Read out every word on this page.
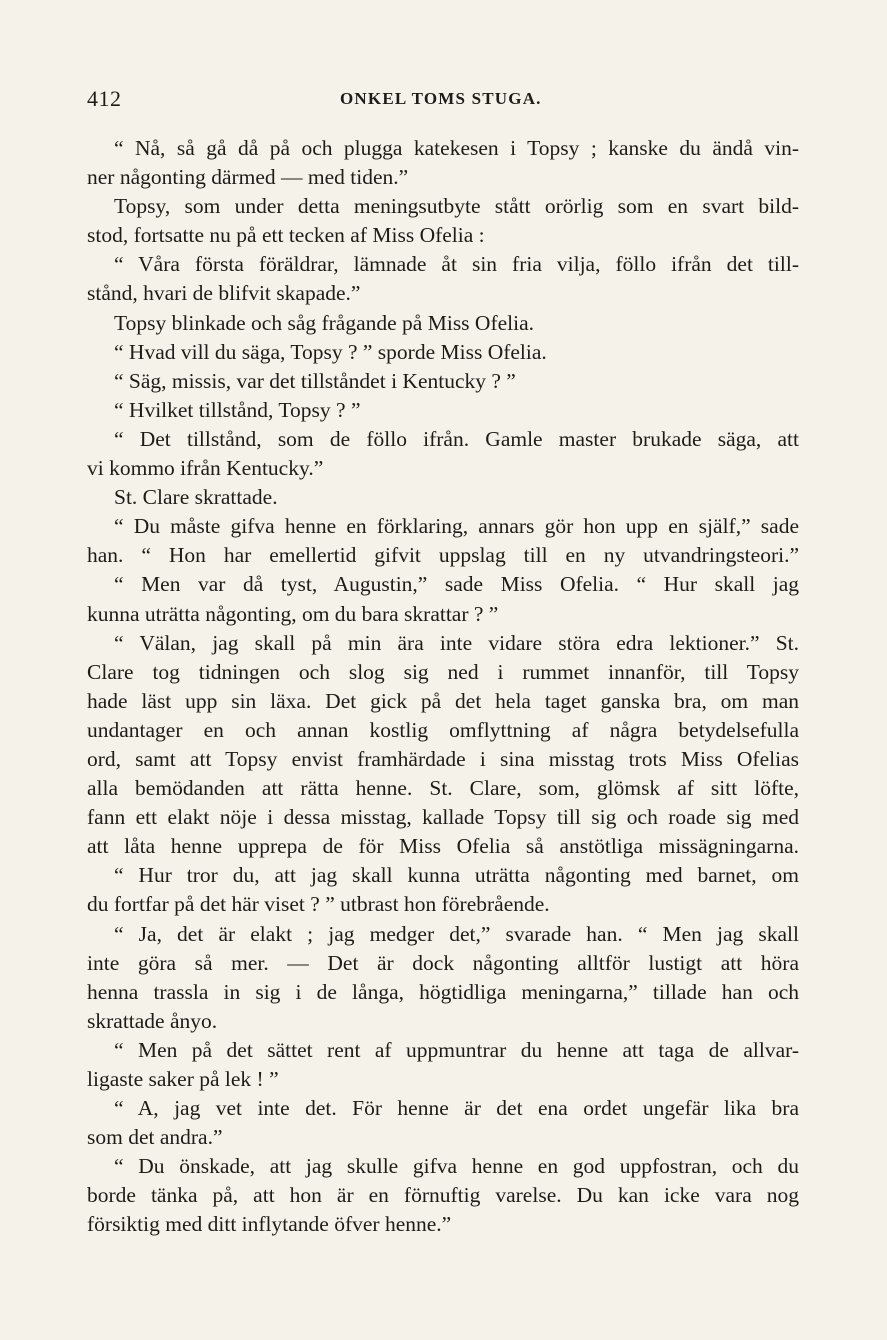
412	ONKEL TOMS STUGA.
“ Nå, så gå då på och plugga katekesen i Topsy ; kanske du ändå vin-
ner någonting därmed — med tiden.”
Topsy, som under detta meningsutbyte stått orörlig som en svart bild-
stod, fortsatte nu på ett tecken af Miss Ofelia :
“ Våra första föräldrar, lämnade åt sin fria vilja, föllo ifrån det till-
stånd, hvari de blifvit skapade.”
Topsy blinkade och såg frågande på Miss Ofelia.
“ Hvad vill du säga, Topsy ? ” sporde Miss Ofelia.
“ Säg, missis, var det tillståndet i Kentucky ? ”
“ Hvilket tillstånd, Topsy ? ”
“ Det tillstånd, som de föllo ifrån. Gamle master brukade säga, att
vi kommo ifrån Kentucky.”
St. Clare skrattade.
“ Du måste gifva henne en förklaring, annars gör hon upp en själf,” sade
han. “ Hon har emellertid gifvit uppslag till en ny utvandringsteori.”
“ Men var då tyst, Augustin,” sade Miss Ofelia. “ Hur skall jag
kunna uträtta någonting, om du bara skrattar ? ”
“ Välan, jag skall på min ära inte vidare störa edra lektioner.” St.
Clare tog tidningen och slog sig ned i rummet innanför, till Topsy
hade läst upp sin läxa. Det gick på det hela taget ganska bra, om man
undantager en och annan kostlig omflyttning af några betydelsefulla
ord, samt att Topsy envist framhärdade i sina misstag trots Miss Ofelias
alla bemödanden att rätta henne. St. Clare, som, glömsk af sitt löfte,
fann ett elakt nöje i dessa misstag, kallade Topsy till sig och roade sig med
att låta henne upprepa de för Miss Ofelia så anstötliga missägningarna.
“ Hur tror du, att jag skall kunna uträtta någonting med barnet, om
du fortfar på det här viset ? ” utbrast hon förebrående.
“ Ja, det är elakt ; jag medger det,” svarade han. “ Men jag skall
inte göra så mer. — Det är dock någonting alltför lustigt att höra
henna trassla in sig i de långa, högtidliga meningarna,” tillade han och
skrattade ånyo.
“ Men på det sättet rent af uppmuntrar du henne att taga de allvar-
ligaste saker på lek ! ”
“ A, jag vet inte det. För henne är det ena ordet ungefär lika bra
som det andra.”
“ Du önskade, att jag skulle gifva henne en god uppfostran, och du
borde tänka på, att hon är en förnuftig varelse. Du kan icke vara nog
försiktig med ditt inflytande öfver henne.”
